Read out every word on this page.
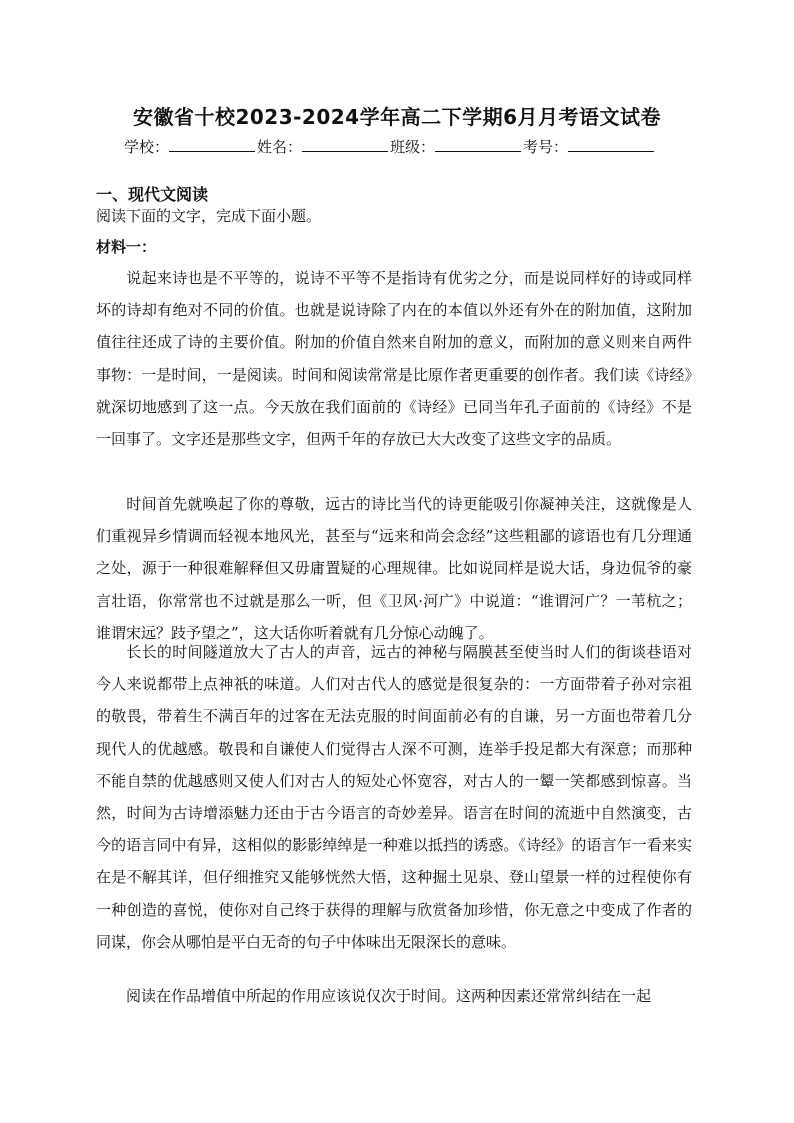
安徽省十校2023-2024学年高二下学期6月月考语文试卷
学校：	姓名：	班级：	考号：
一、现代文阅读
阅读下面的文字，完成下面小题。
材料一：
说起来诗也是不平等的，说诗不平等不是指诗有优劣之分，而是说同样好的诗或同样坏的诗却有绝对不同的价值。也就是说诗除了内在的本值以外还有外在的附加值，这附加值往往还成了诗的主要价值。附加的价值自然来自附加的意义，而附加的意义则来自两件事物：一是时间，一是阅读。时间和阅读常常是比原作者更重要的创作者。我们读《诗经》就深切地感到了这一点。今天放在我们面前的《诗经》已同当年孔子面前的《诗经》不是一回事了。文字还是那些文字，但两千年的存放已大大改变了这些文字的品质。
时间首先就唤起了你的尊敬，远古的诗比当代的诗更能吸引你凝神关注，这就像是人们重视异乡情调而轻视本地风光，甚至与“远来和尚会念经”这些粗鄙的谚语也有几分理通之处，源于一种很难解释但又毋庸置疑的心理规律。比如说同样是说大话，身边侃爷的豪言壮语，你常常也不过就是那么一听，但《卫风·河广》中说道：“谁谓河广？一苇杭之；谁谓宋远？跂予望之”，这大话你听着就有几分惊心动魄了。
长长的时间隧道放大了古人的声音，远古的神秘与隔膜甚至使当时人们的街谈巷语对今人来说都带上点神祇的味道。人们对古代人的感觉是很复杂的：一方面带着子孙对宗祖的敬畏，带着生不满百年的过客在无法克服的时间面前必有的自谦，另一方面也带着几分现代人的优越感。敬畏和自谦使人们觉得古人深不可测，连举手投足都大有深意；而那种不能自禁的优越感则又使人们对古人的短处心怀宽容，对古人的一颦一笑都感到惊喜。当然，时间为古诗增添魅力还由于古今语言的奇妙差异。语言在时间的流逝中自然演变，古今的语言同中有异，这相似的影影绰绰是一种难以抵挡的诱惑。《诗经》的语言乍一看来实在是不解其详，但仔细推究又能够恍然大悟，这种掘土见泉、登山望景一样的过程使你有一种创造的喜悦，使你对自己终于获得的理解与欣赏备加珍惜，你无意之中变成了作者的同谋，你会从哪怕是平白无奇的句子中体味出无限深长的意味。
阅读在作品增值中所起的作用应该说仅次于时间。这两种因素还常常纠结在一起
